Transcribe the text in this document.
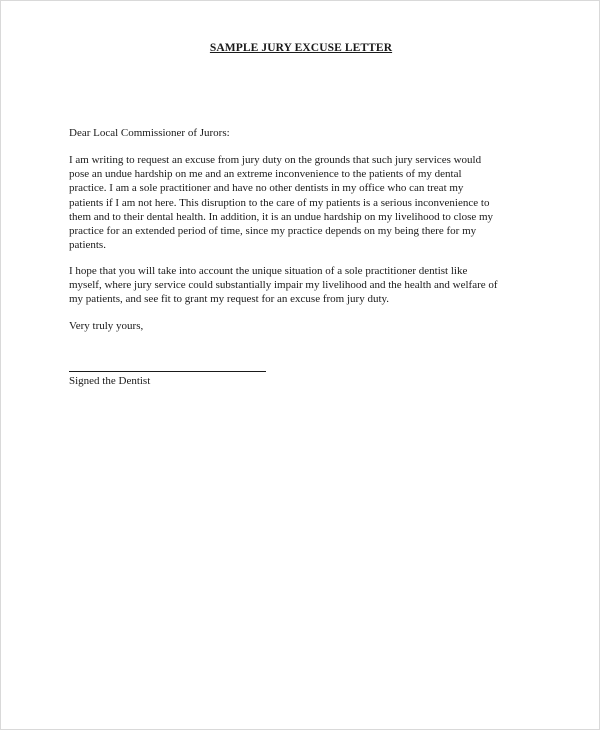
SAMPLE JURY EXCUSE LETTER
Dear Local Commissioner of Jurors:
I am writing to request an excuse from jury duty on the grounds that such jury services would
pose an undue hardship on me and an extreme inconvenience to the patients of my dental
practice. I am a sole practitioner and have no other dentists in my office who can treat my
patients if I am not here. This disruption to the care of my patients is a serious inconvenience to
them and to their dental health. In addition, it is an undue hardship on my livelihood to close my
practice for an extended period of time, since my practice depends on my being there for my
patients.
I hope that you will take into account the unique situation of a sole practitioner dentist like
myself, where jury service could substantially impair my livelihood and the health and welfare of
my patients, and see fit to grant my request for an excuse from jury duty.
Very truly yours,
Signed the Dentist
